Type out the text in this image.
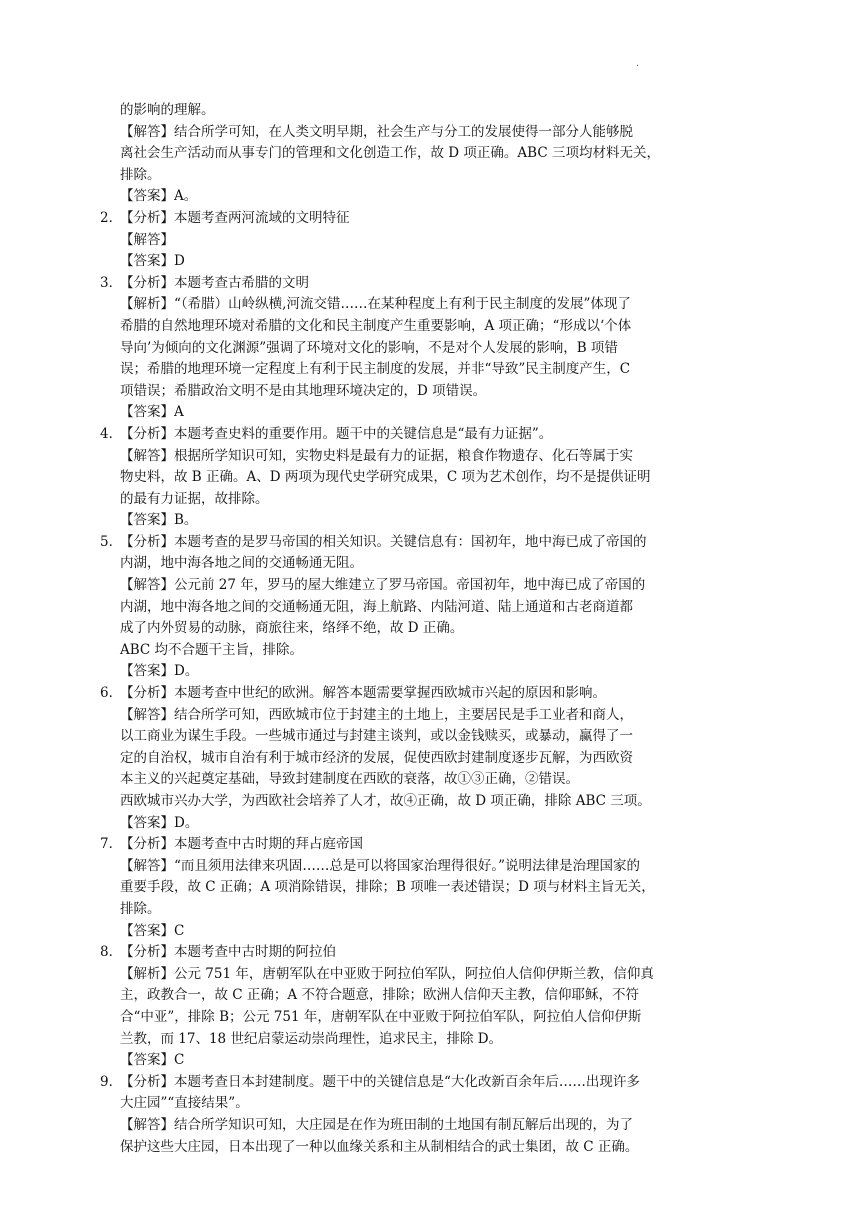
.
的影响的理解。
【解答】结合所学可知，在人类文明早期，社会生产与分工的发展使得一部分人能够脱
离社会生产活动而从事专门的管理和文化创造工作，故 D 项正确。ABC 三项均材料无关，
排除。
【答案】A。
2．【分析】本题考查两河流域的文明特征
【解答】
【答案】D
3．【分析】本题考查古希腊的文明
【解析】“（希腊）山岭纵横,河流交错……在某种程度上有利于民主制度的发展”体现了
希腊的自然地理环境对希腊的文化和民主制度产生重要影响，A 项正确；“形成以‘个体
导向’为倾向的文化渊源”强调了环境对文化的影响，不是对个人发展的影响，B 项错
误；希腊的地理环境一定程度上有利于民主制度的发展，并非“导致”民主制度产生，C
项错误；希腊政治文明不是由其地理环境决定的，D 项错误。
【答案】A
4．【分析】本题考查史料的重要作用。题干中的关键信息是“最有力证据”。
【解答】根据所学知识可知，实物史料是最有力的证据，粮食作物遗存、化石等属于实
物史料，故 B 正确。A、D 两项为现代史学研究成果，C 项为艺术创作，均不是提供证明
的最有力证据，故排除。
【答案】B。
5．【分析】本题考查的是罗马帝国的相关知识。关键信息有：国初年，地中海已成了帝国的
内湖，地中海各地之间的交通畅通无阻。
【解答】公元前 27 年，罗马的屋大维建立了罗马帝国。帝国初年，地中海已成了帝国的
内湖，地中海各地之间的交通畅通无阻，海上航路、内陆河道、陆上通道和古老商道都
成了内外贸易的动脉，商旅往来，络绎不绝，故 D 正确。
ABC 均不合题干主旨，排除。
【答案】D。
6．【分析】本题考查中世纪的欧洲。解答本题需要掌握西欧城市兴起的原因和影响。
【解答】结合所学可知，西欧城市位于封建主的土地上，主要居民是手工业者和商人，
以工商业为谋生手段。一些城市通过与封建主谈判，或以金钱赎买，或暴动，赢得了一
定的自治权，城市自治有利于城市经济的发展，促使西欧封建制度逐步瓦解，为西欧资
本主义的兴起奠定基础，导致封建制度在西欧的衰落，故①③正确，②错误。
西欧城市兴办大学，为西欧社会培养了人才，故④正确，故 D 项正确，排除 ABC 三项。
【答案】D。
7．【分析】本题考查中古时期的拜占庭帝国
【解答】“而且须用法律来巩固……总是可以将国家治理得很好。”说明法律是治理国家的
重要手段，故 C 正确；A 项消除错误，排除；B 项唯一表述错误；D 项与材料主旨无关，
排除。
【答案】C
8．【分析】本题考查中古时期的阿拉伯
【解析】公元 751 年，唐朝军队在中亚败于阿拉伯军队，阿拉伯人信仰伊斯兰教，信仰真
主，政教合一，故 C 正确；A 不符合题意，排除；欧洲人信仰天主教，信仰耶稣，不符
合“中亚”，排除 B；公元 751 年，唐朝军队在中亚败于阿拉伯军队，阿拉伯人信仰伊斯
兰教，而 17、18 世纪启蒙运动崇尚理性，追求民主，排除 D。
【答案】C
9．【分析】本题考查日本封建制度。题干中的关键信息是“大化改新百余年后……出现许多
大庄园”“直接结果”。
【解答】结合所学知识可知，大庄园是在作为班田制的土地国有制瓦解后出现的，为了
保护这些大庄园，日本出现了一种以血缘关系和主从制相结合的武士集团，故 C 正确。
